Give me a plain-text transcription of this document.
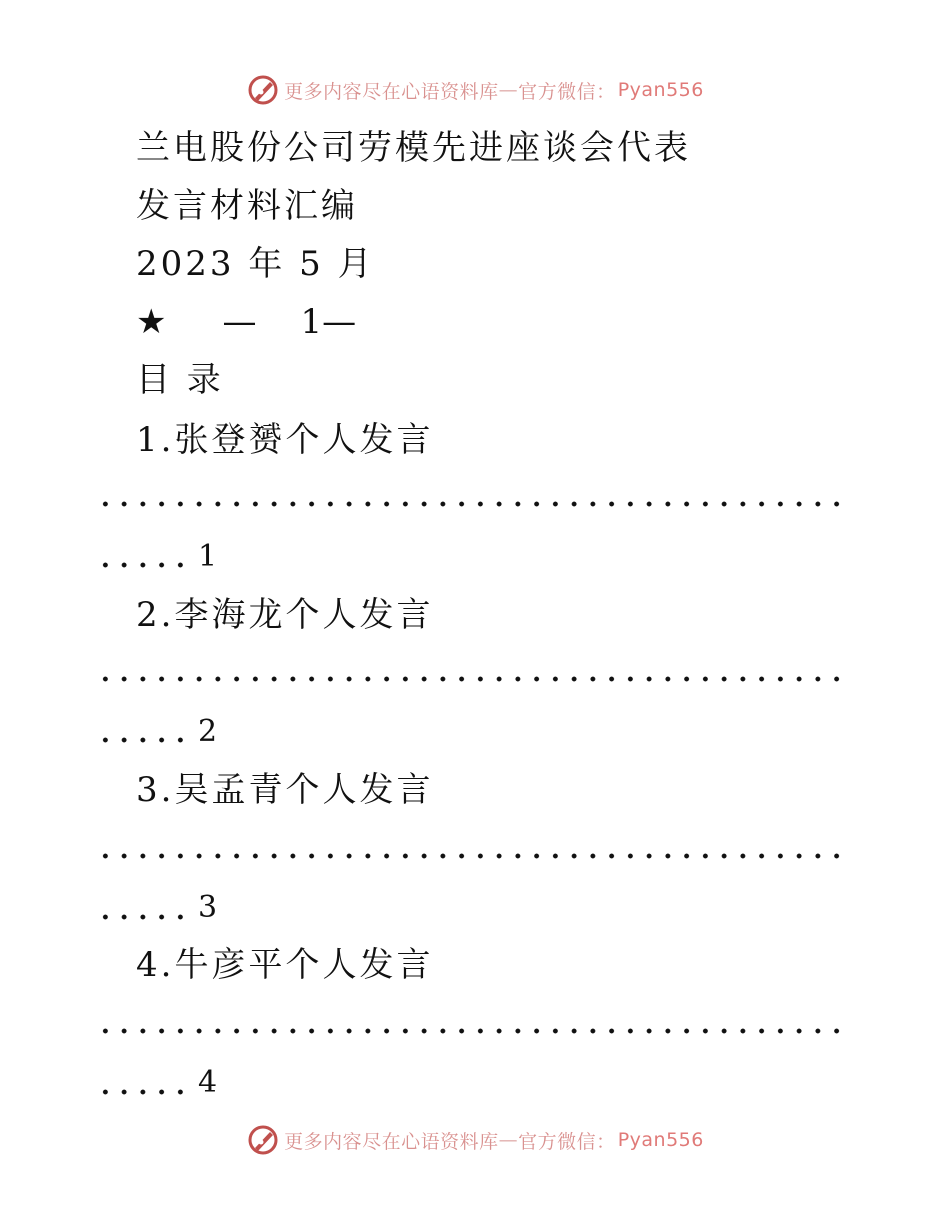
更多内容尽在心语资料库 — 官方微信： Pyan556
兰电股份公司劳模先进座谈会代表
发言材料汇编
2023 年 5 月
★ — 1—
目 录
1.张登赟个人发言
1
2.李海龙个人发言
2
3.吴孟青个人发言
3
4.牛彦平个人发言
4
更多内容尽在心语资料库 — 官方微信： Pyan556
